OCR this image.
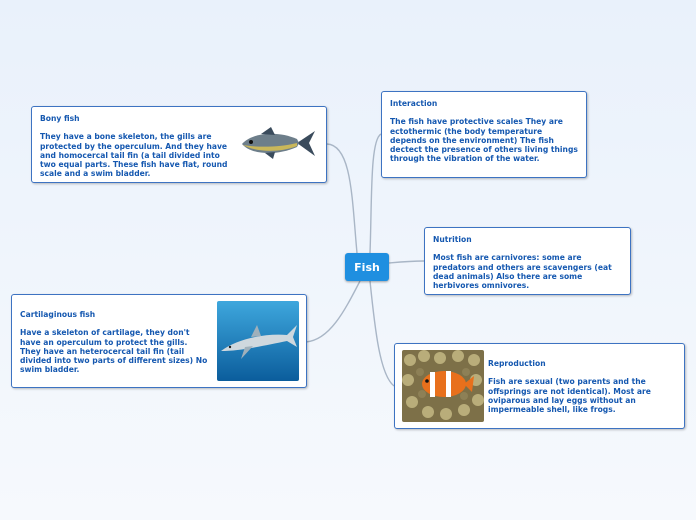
Fish
Bony fish
They have a bone skeleton, the gills are protected by the operculum. And they have and homocercal tail fin (a tail divided into two equal parts. These fish have flat, round scale and a swim bladder.
Interaction
The fish have protective scales They are ectothermic (the body temperature depends on the environment) The fish dectect the presence of others living things through the vibration of the water.
Nutrition
Most fish are carnivores: some are predators and others are scavengers (eat dead animals) Also there are some herbivores omnivores.
Cartilaginous fish
Have a skeleton of cartilage, they don't have an operculum to protect the gills. They have an heterocercal tail fin (tail divided into two parts of different sizes) No swim bladder.
Reproduction
Fish are sexual (two parents and the offsprings are not identical). Most are oviparous and lay eggs without an impermeable shell, like frogs.
